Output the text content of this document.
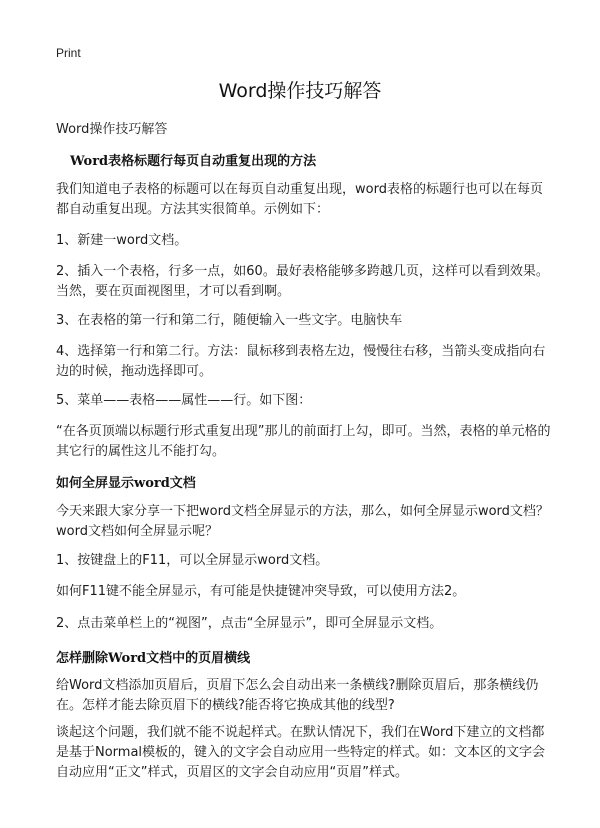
Print
Word操作技巧解答
Word操作技巧解答
Word表格标题行每页自动重复出现的方法
我们知道电子表格的标题可以在每页自动重复出现，word表格的标题行也可以在每页都自动重复出现。方法其实很简单。示例如下：
1、新建一word文档。
2、插入一个表格，行多一点，如60。最好表格能够多跨越几页，这样可以看到效果。当然，要在页面视图里，才可以看到啊。
3、在表格的第一行和第二行，随便输入一些文字。电脑快车
4、选择第一行和第二行。方法：鼠标移到表格左边，慢慢往右移，当箭头变成指向右边的时候，拖动选择即可。
5、菜单——表格——属性——行。如下图：
“在各页顶端以标题行形式重复出现”那儿的前面打上勾，即可。当然，表格的单元格的其它行的属性这儿不能打勾。
如何全屏显示word文档
今天来跟大家分享一下把word文档全屏显示的方法，那么，如何全屏显示word文档？word文档如何全屏显示呢？
1、按键盘上的F11，可以全屏显示word文档。
如何F11键不能全屏显示，有可能是快捷键冲突导致，可以使用方法2。
2、点击菜单栏上的“视图”，点击“全屏显示”，即可全屏显示文档。
怎样删除Word文档中的页眉横线
给Word文档添加页眉后，页眉下怎么会自动出来一条横线?删除页眉后，那条横线仍在。怎样才能去除页眉下的横线?能否将它换成其他的线型?
谈起这个问题，我们就不能不说起样式。在默认情况下，我们在Word下建立的文档都是基于Normal模板的，键入的文字会自动应用一些特定的样式。如：文本区的文字会自动应用“正文”样式，页眉区的文字会自动应用“页眉”样式。
